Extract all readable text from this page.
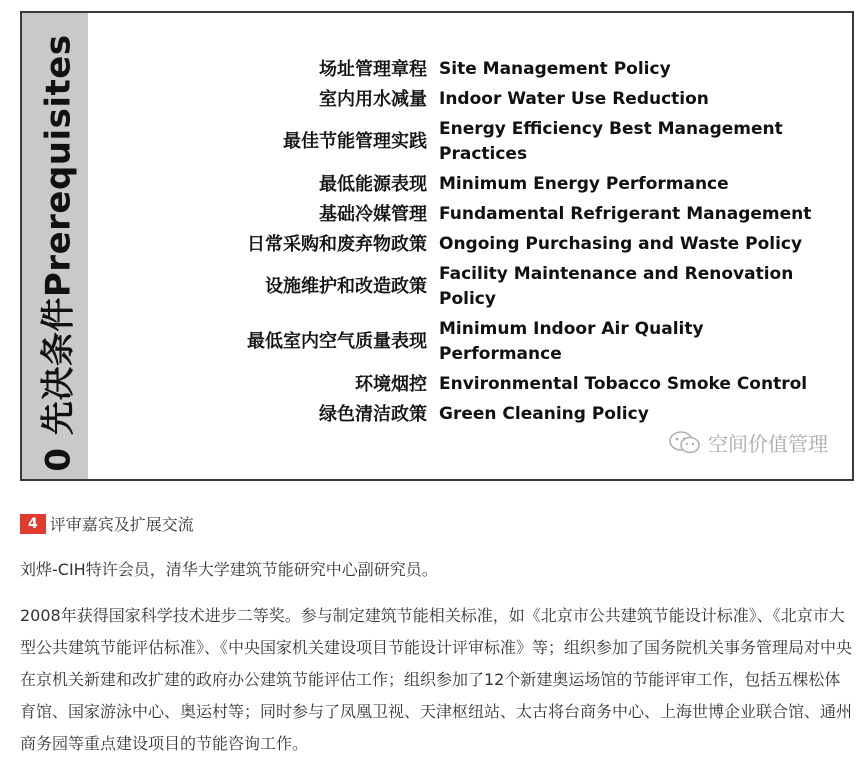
0 先决条件Prerequisites	场址管理章程 Site Management Policy
室内用水减量 Indoor Water Use Reduction
最佳节能管理实践
Energy Efficiency Best Management Practices
最低能源表现 Minimum Energy Performance
基础冷媒管理 Fundamental Refrigerant Management
日常采购和废弃物政策 Ongoing Purchasing and Waste Policy
设施维护和改造政策
Facility Maintenance and Renovation Policy
最低室内空气质量表现
Minimum Indoor Air Quality Performance
环境烟控 Environmental Tobacco Smoke Control
绿色清洁政策 Green Cleaning Policy
空间价值管理
4 评审嘉宾及扩展交流
刘烨-CIH特许会员，清华大学建筑节能研究中心副研究员。
2008年获得国家科学技术进步二等奖。参与制定建筑节能相关标准，如《北京市公共建筑节能设计标准》、《北京市大型公共建筑节能评估标准》、《中央国家机关建设项目节能设计评审标准》等；组织参加了国务院机关事务管理局对中央在京机关新建和改扩建的政府办公建筑节能评估工作；组织参加了12个新建奥运场馆的节能评审工作，包括五棵松体育馆、国家游泳中心、奥运村等；同时参与了凤凰卫视、天津枢纽站、太古将台商务中心、上海世博企业联合馆、通州商务园等重点建设项目的节能咨询工作。
